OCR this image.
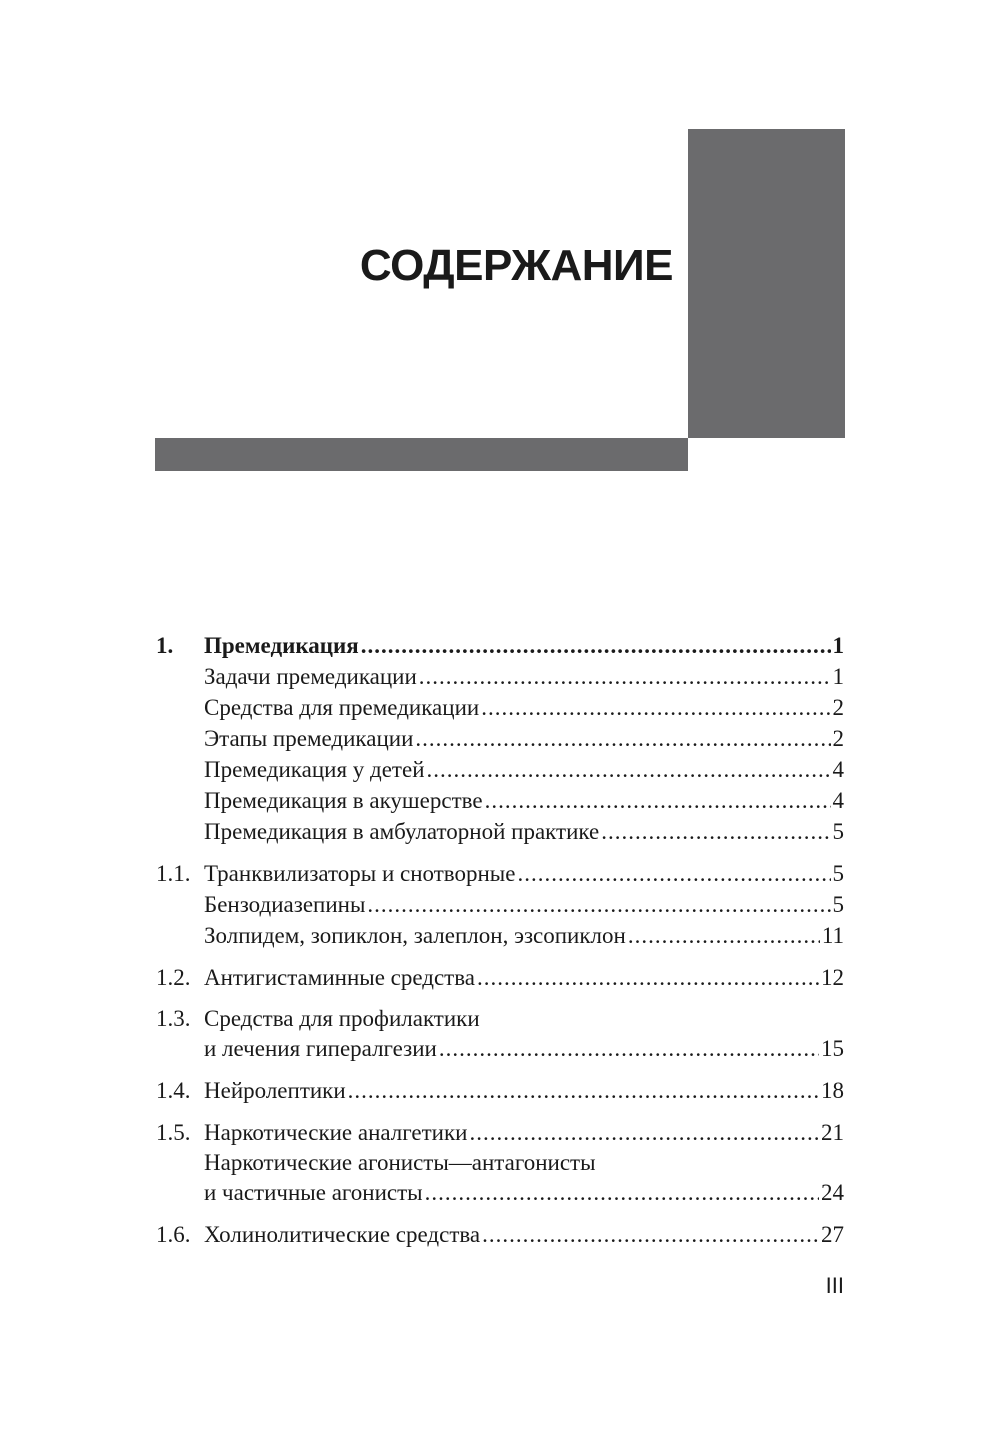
СОДЕРЖАНИЕ
1.	Премедикация .....	1
Задачи премедикации .....	1
Средства для премедикации .....	2
Этапы премедикации .....	2
Премедикация у детей .....	4
Премедикация в акушерстве .....	4
Премедикация в амбулаторной практике .....	5
1.1. Транквилизаторы и снотворные .....	5
Бензодиазепины .....	5
Золпидем, зопиклон, залеплон, эзсопиклон .....	11
1.2. Антигистаминные средства .....	12
1.3. Средства для профилактики
и лечения гипералгезии .....	15
1.4. Нейролептики .....	18
1.5. Наркотические аналгетики .....	21
Наркотические агонисты—антагонисты
и частичные агонисты .....	24
1.6. Холинолитические средства .....	27
III
